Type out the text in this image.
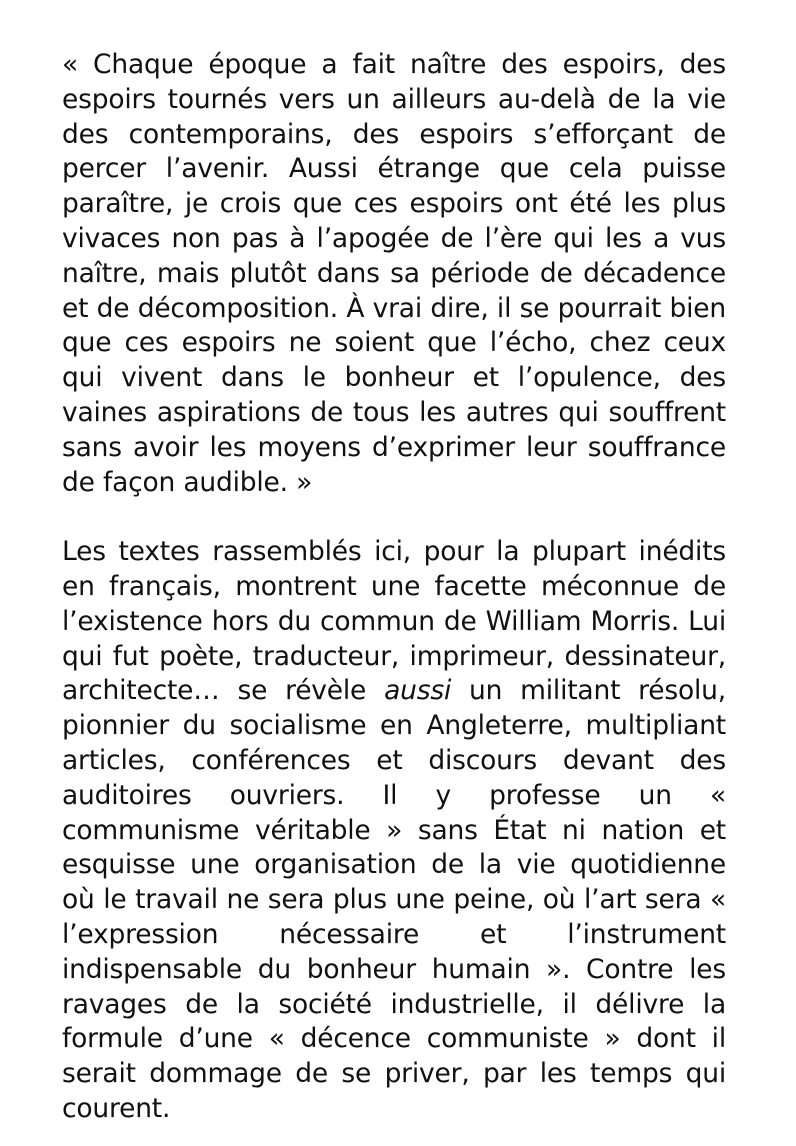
« Chaque époque a fait naître des espoirs, des espoirs tournés vers un ailleurs au-delà de la vie des contemporains, des espoirs s’efforçant de percer l’avenir. Aussi étrange que cela puisse paraître, je crois que ces espoirs ont été les plus vivaces non pas à l’apogée de l’ère qui les a vus naître, mais plutôt dans sa période de décadence et de décomposition. À vrai dire, il se pourrait bien que ces espoirs ne soient que l’écho, chez ceux qui vivent dans le bonheur et l’opulence, des vaines aspirations de tous les autres qui souffrent sans avoir les moyens d’exprimer leur souffrance de façon audible. »

Les textes rassemblés ici, pour la plupart inédits en français, montrent une facette méconnue de l’existence hors du commun de William Morris. Lui qui fut poète, traducteur, imprimeur, dessinateur, architecte… se révèle aussi un militant résolu, pionnier du socialisme en Angleterre, multipliant articles, conférences et discours devant des auditoires ouvriers. Il y professe un « communisme véritable » sans État ni nation et esquisse une organisation de la vie quotidienne où le travail ne sera plus une peine, où l’art sera « l’expression nécessaire et l’instrument indispensable du bonheur humain ». Contre les ravages de la société industrielle, il délivre la formule d’une « décence communiste » dont il serait dommage de se priver, par les temps qui courent.
